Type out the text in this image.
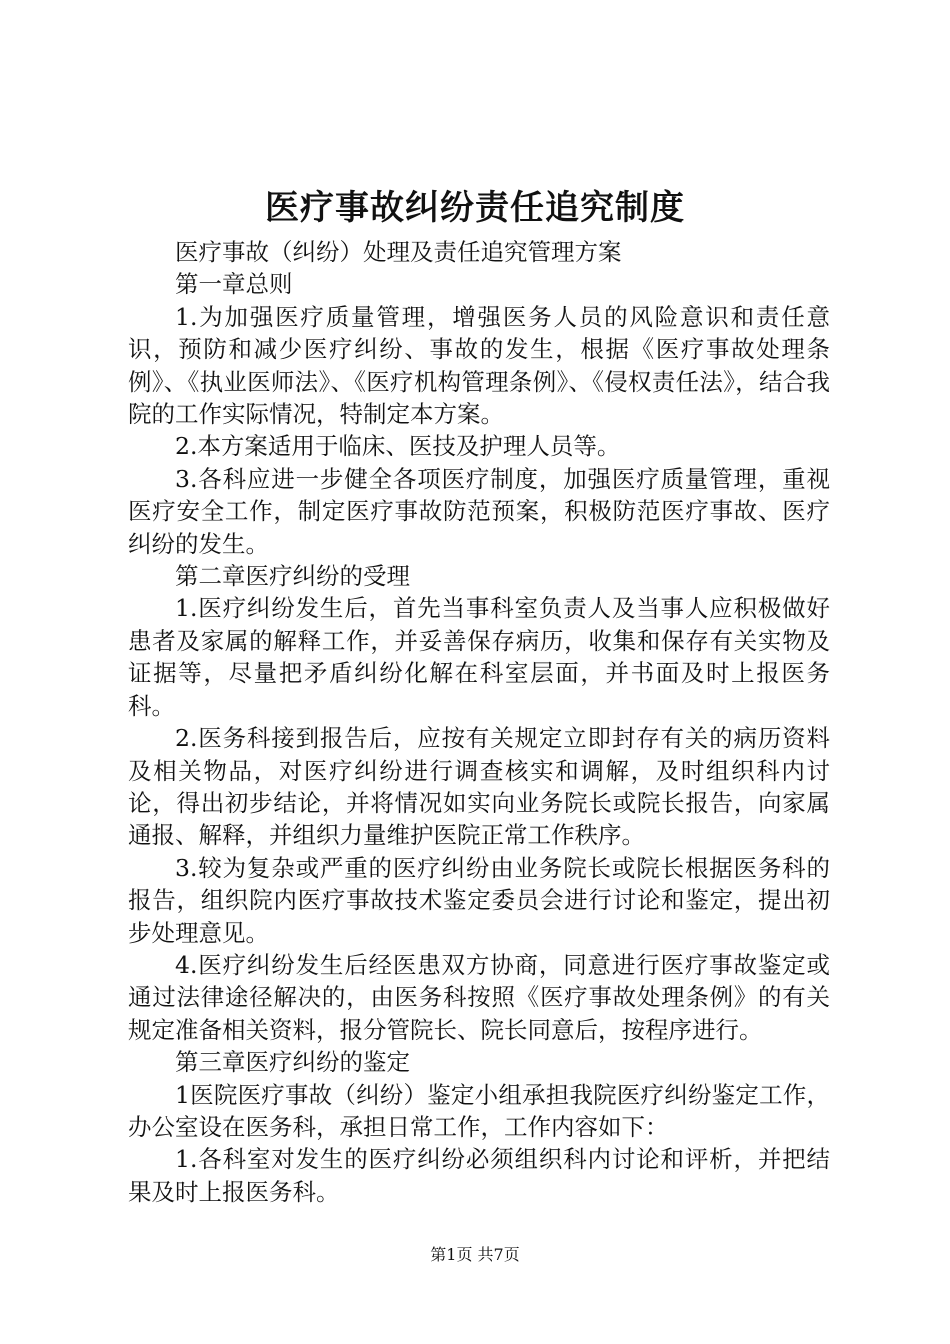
医疗事故纠纷责任追究制度

医疗事故（纠纷）处理及责任追究管理方案

第一章总则

1.为加强医疗质量管理，增强医务人员的风险意识和责任意识，预防和减少医疗纠纷、事故的发生，根据《医疗事故处理条例》、《执业医师法》、《医疗机构管理条例》、《侵权责任法》，结合我院的工作实际情况，特制定本方案。

2.本方案适用于临床、医技及护理人员等。

3.各科应进一步健全各项医疗制度，加强医疗质量管理，重视医疗安全工作，制定医疗事故防范预案，积极防范医疗事故、医疗纠纷的发生。

第二章医疗纠纷的受理

1.医疗纠纷发生后，首先当事科室负责人及当事人应积极做好患者及家属的解释工作，并妥善保存病历，收集和保存有关实物及证据等，尽量把矛盾纠纷化解在科室层面，并书面及时上报医务科。

2.医务科接到报告后，应按有关规定立即封存有关的病历资料及相关物品，对医疗纠纷进行调查核实和调解，及时组织科内讨论，得出初步结论，并将情况如实向业务院长或院长报告，向家属通报、解释，并组织力量维护医院正常工作秩序。

3.较为复杂或严重的医疗纠纷由业务院长或院长根据医务科的报告，组织院内医疗事故技术鉴定委员会进行讨论和鉴定，提出初步处理意见。

4.医疗纠纷发生后经医患双方协商，同意进行医疗事故鉴定或通过法律途径解决的，由医务科按照《医疗事故处理条例》的有关规定准备相关资料，报分管院长、院长同意后，按程序进行。

第三章医疗纠纷的鉴定

1医院医疗事故（纠纷）鉴定小组承担我院医疗纠纷鉴定工作，办公室设在医务科，承担日常工作，工作内容如下：

1.各科室对发生的医疗纠纷必须组织科内讨论和评析，并把结果及时上报医务科。

第1页 共7页
